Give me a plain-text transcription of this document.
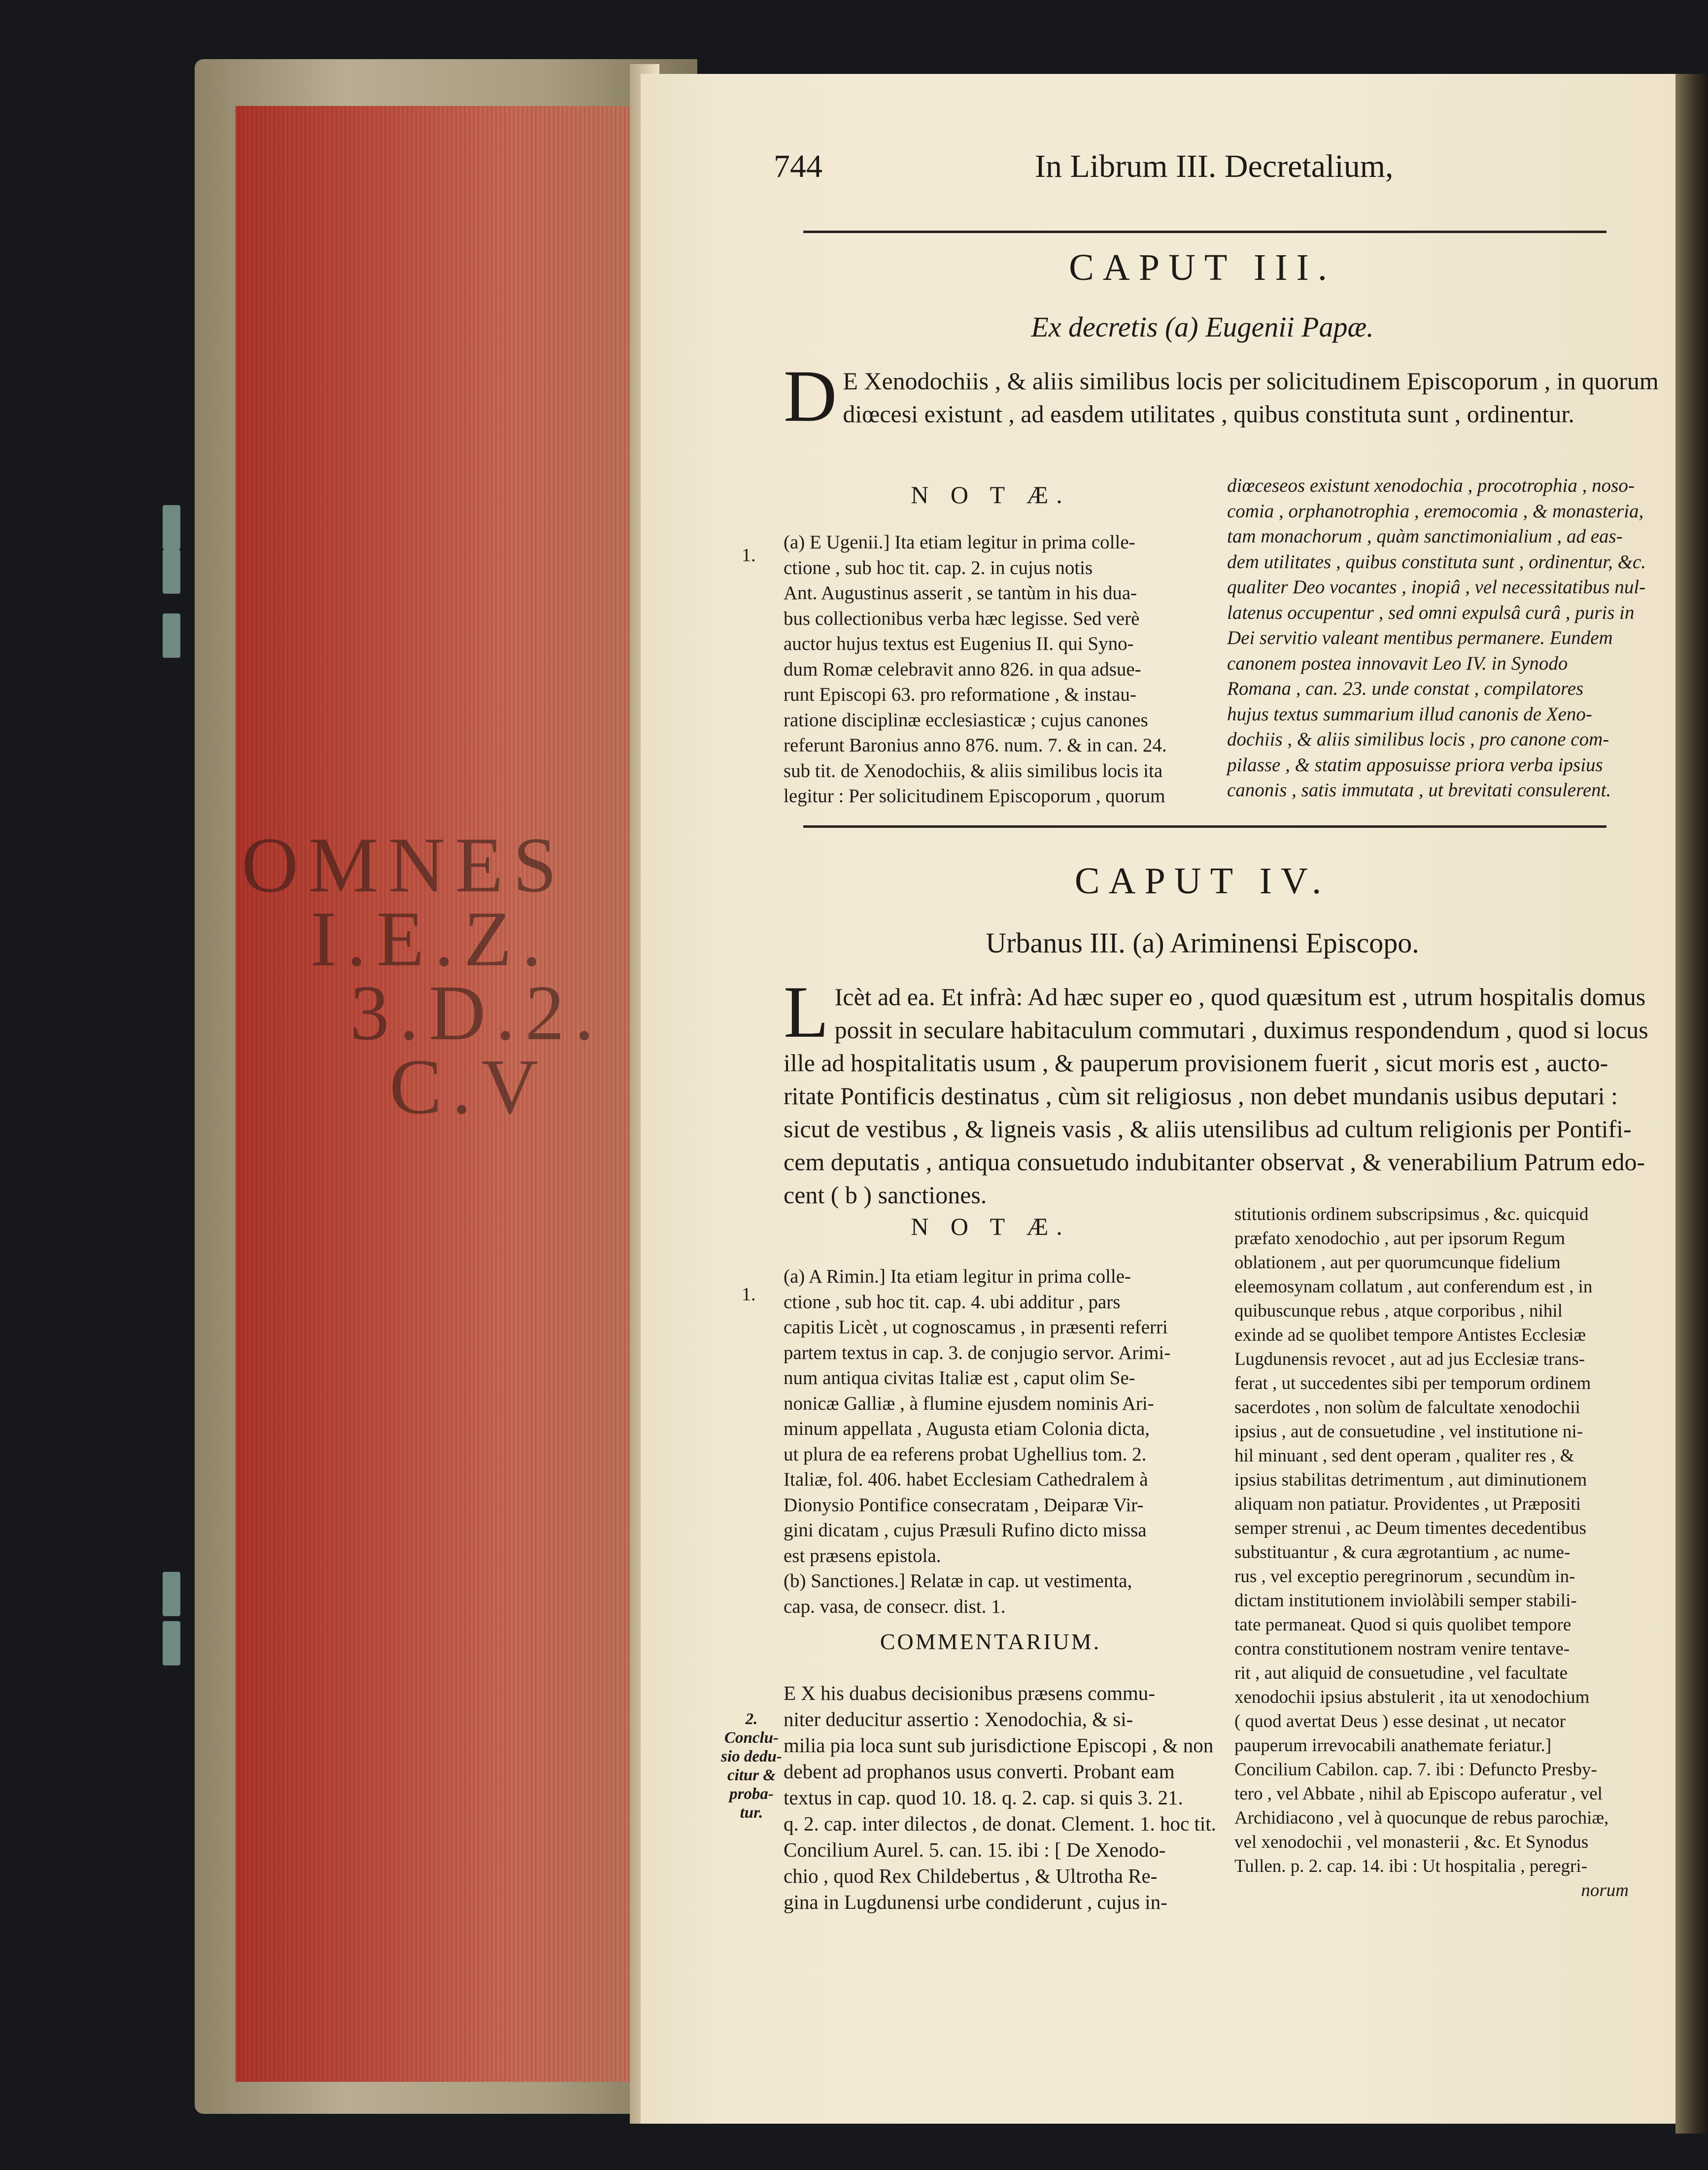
OMNES
I.E.Z.
3.D.2.
C.V
744	In Librum III. Decretalium,
CAPUT III.
Ex decretis (a) Eugenii Papæ.
D E Xenodochiis , & aliis similibus locis per solicitudinem Episcoporum , in quorum
diœcesi existunt , ad easdem utilitates , quibus constituta sunt , ordinentur.
N O T Æ.
1.
(a) E Ugenii.] Ita etiam legitur in prima colle-
ctione , sub hoc tit. cap. 2. in cujus notis
Ant. Augustinus asserit , se tantùm in his dua-
bus collectionibus verba hæc legisse. Sed verè
auctor hujus textus est Eugenius II. qui Syno-
dum Romæ celebravit anno 826. in qua adsue-
runt Episcopi 63. pro reformatione , & instau-
ratione disciplinæ ecclesiasticæ ; cujus canones
referunt Baronius anno 876. num. 7. & in can. 24.
sub tit. de Xenodochiis, & aliis similibus locis ita
legitur : Per solicitudinem Episcoporum , quorum
diœceseos existunt xenodochia , procotrophia , noso-
comia , orphanotrophia , eremocomia , & monasteria,
tam monachorum , quàm sanctimonialium , ad eas-
dem utilitates , quibus constituta sunt , ordinentur, &c.
qualiter Deo vocantes , inopiâ , vel necessitatibus nul-
latenus occupentur , sed omni expulsâ curâ , puris in
Dei servitio valeant mentibus permanere. Eundem
canonem postea innovavit Leo IV. in Synodo
Romana , can. 23. unde constat , compilatores
hujus textus summarium illud canonis de Xeno-
dochiis , & aliis similibus locis , pro canone com-
pilasse , & statim apposuisse priora verba ipsius
canonis , satis immutata , ut brevitati consulerent.
CAPUT IV.
Urbanus III. (a) Ariminensi Episcopo.
L Icèt ad ea. Et infrà: Ad hæc super eo , quod quæsitum est , utrum hospitalis domus
possit in seculare habitaculum commutari , duximus respondendum , quod si locus
ille ad hospitalitatis usum , & pauperum provisionem fuerit , sicut moris est , aucto-
ritate Pontificis destinatus , cùm sit religiosus , non debet mundanis usibus deputari :
sicut de vestibus , & ligneis vasis , & aliis utensilibus ad cultum religionis per Pontifi-
cem deputatis , antiqua consuetudo indubitanter observat , & venerabilium Patrum edo-
cent ( b ) sanctiones.
N O T Æ.
1.
(a) A Rimin.] Ita etiam legitur in prima colle-
ctione , sub hoc tit. cap. 4. ubi additur , pars
capitis Licèt , ut cognoscamus , in præsenti referri
partem textus in cap. 3. de conjugio servor. Arimi-
num antiqua civitas Italiæ est , caput olim Se-
nonicæ Galliæ , à flumine ejusdem nominis Ari-
minum appellata , Augusta etiam Colonia dicta,
ut plura de ea referens probat Ughellius tom. 2.
Italiæ, fol. 406. habet Ecclesiam Cathedralem à
Dionysio Pontifice consecratam , Deiparæ Vir-
gini dicatam , cujus Præsuli Rufino dicto missa
est præsens epistola.
(b) Sanctiones.] Relatæ in cap. ut vestimenta,
cap. vasa, de consecr. dist. 1.
COMMENTARIUM.
2.
Conclu-
sio dedu-
citur &
proba-
tur.
E X his duabus decisionibus præsens commu-
niter deducitur assertio : Xenodochia, & si-
milia pia loca sunt sub jurisdictione Episcopi , & non
debent ad prophanos usus converti. Probant eam
textus in cap. quod 10. 18. q. 2. cap. si quis 3. 21.
q. 2. cap. inter dilectos , de donat. Clement. 1. hoc tit.
Concilium Aurel. 5. can. 15. ibi : [ De Xenodo-
chio , quod Rex Childebertus , & Ultrotha Re-
gina in Lugdunensi urbe condiderunt , cujus in-
stitutionis ordinem subscripsimus , &c. quicquid
præfato xenodochio , aut per ipsorum Regum
oblationem , aut per quorumcunque fidelium
eleemosynam collatum , aut conferendum est , in
quibuscunque rebus , atque corporibus , nihil
exinde ad se quolibet tempore Antistes Ecclesiæ
Lugdunensis revocet , aut ad jus Ecclesiæ trans-
ferat , ut succedentes sibi per temporum ordinem
sacerdotes , non solùm de falcultate xenodochii
ipsius , aut de consuetudine , vel institutione ni-
hil minuant , sed dent operam , qualiter res , &
ipsius stabilitas detrimentum , aut diminutionem
aliquam non patiatur. Providentes , ut Præpositi
semper strenui , ac Deum timentes decedentibus
substituantur , & cura ægrotantium , ac nume-
rus , vel exceptio peregrinorum , secundùm in-
dictam institutionem inviolàbili semper stabili-
tate permaneat. Quod si quis quolibet tempore
contra constitutionem nostram venire tentave-
rit , aut aliquid de consuetudine , vel facultate
xenodochii ipsius abstulerit , ita ut xenodochium
( quod avertat Deus ) esse desinat , ut necator
pauperum irrevocabili anathemate feriatur.]
Concilium Cabilon. cap. 7. ibi : Defuncto Presby-
tero , vel Abbate , nihil ab Episcopo auferatur , vel
Archidiacono , vel à quocunque de rebus parochiæ,
vel xenodochii , vel monasterii , &c. Et Synodus
Tullen. p. 2. cap. 14. ibi : Ut hospitalia , peregri-
norum
